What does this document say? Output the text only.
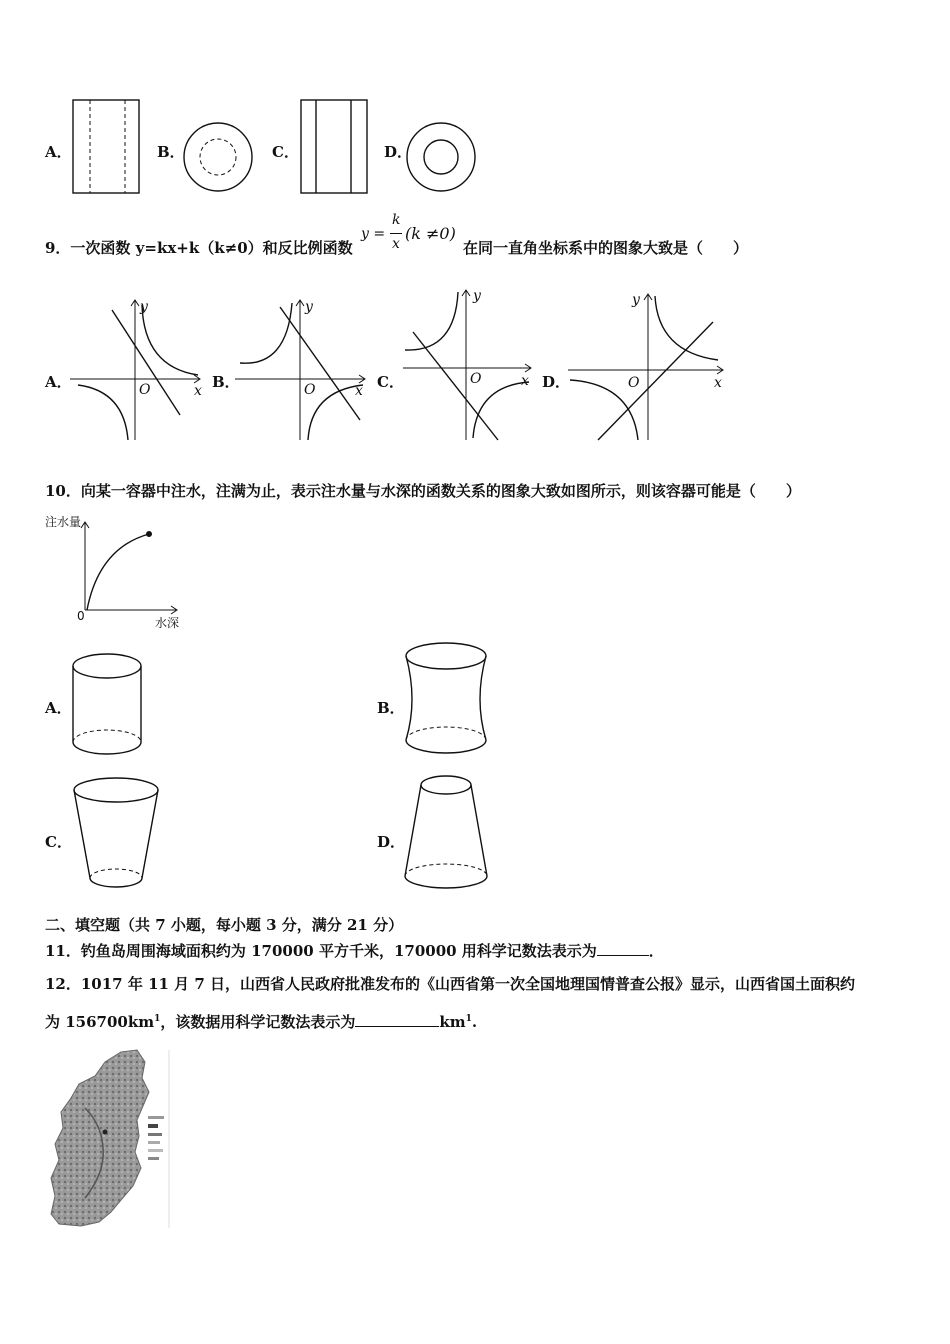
A．	B．	C．	D．
9．一次函数 y=kx+k（k≠0）和反比例函数
y =
k
x
(k ≠0)
在同一直角坐标系中的图象大致是（　　）
A．
y
x
O	B．
y
x
O	C．
y
x
O	D．
y
x
O
10．向某一容器中注水，注满为止，表示注水量与水深的函数关系的图象大致如图所示，则该容器可能是（　　）
注水量
水深
0
A．	B．
C．	D．
二、填空题（共 7 小题，每小题 3 分，满分 21 分）
11．钓鱼岛周围海域面积约为 170000 平方千米，170000 用科学记数法表示为	．
12．1017 年 11 月 7 日，山西省人民政府批准发布的《山西省第一次全国地理国情普查公报》显示，山西省国土面积约
为 $156700km^1$，该数据用科学记数法表示为	$km^1$.
